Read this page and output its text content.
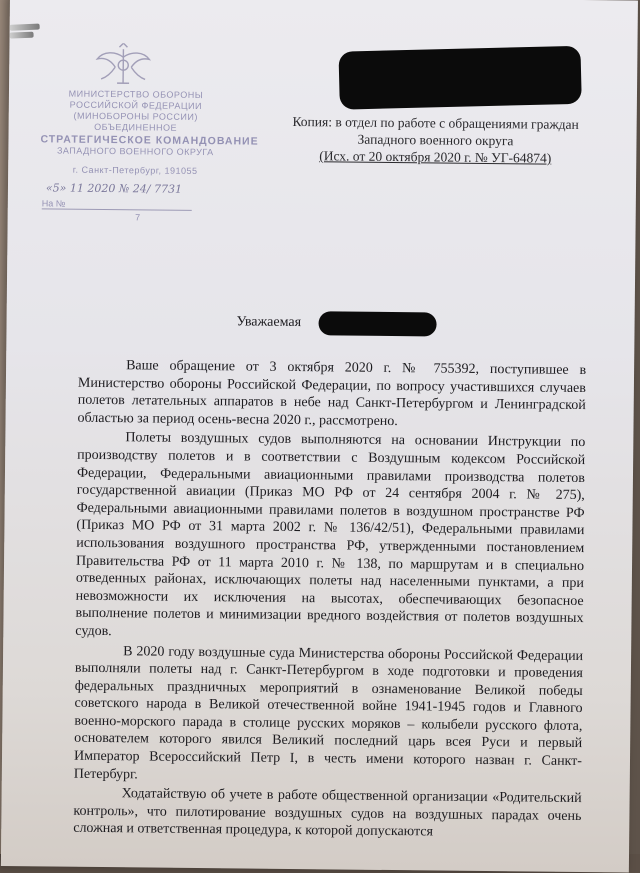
МИНИСТЕРСТВО ОБОРОНЫ
РОССИЙСКОЙ ФЕДЕРАЦИИ
(МИНОБОРОНЫ РОССИИ)
ОБЪЕДИНЕННОЕ
СТРАТЕГИЧЕСКОЕ КОМАНДОВАНИЕ
ЗАПАДНОГО ВОЕННОГО ОКРУГА
г. Санкт-Петербург, 191055
«5» 11 2020 № 24/ 7731
На №
7
Копия: в отдел по работе с обращениями граждан
Западного военного округа
(Исх. от 20 октября 2020 г. № УГ-64874)
Уважаемая

Ваше обращение от 3 октября 2020 г. № 755392, поступившее в Министерство обороны Российской Федерации, по вопросу участившихся случаев полетов летательных аппаратов в небе над Санкт-Петербургом и Ленинградской областью за период осень-весна 2020 г., рассмотрено.

Полеты воздушных судов выполняются на основании Инструкции по производству полетов и в соответствии с Воздушным кодексом Российской Федерации, Федеральными авиационными правилами производства полетов государственной авиации (Приказ МО РФ от 24 сентября 2004 г. № 275), Федеральными авиационными правилами полетов в воздушном пространстве РФ (Приказ МО РФ от 31 марта 2002 г. № 136/42/51), Федеральными правилами использования воздушного пространства РФ, утвержденными постановлением Правительства РФ от 11 марта 2010 г. № 138, по маршрутам и в специально отведенных районах, исключающих полеты над населенными пунктами, а при невозможности их исключения на высотах, обеспечивающих безопасное выполнение полетов и минимизации вредного воздействия от полетов воздушных судов.

В 2020 году воздушные суда Министерства обороны Российской Федерации выполняли полеты над г. Санкт-Петербургом в ходе подготовки и проведения федеральных праздничных мероприятий в ознаменование Великой победы советского народа в Великой отечественной войне 1941-1945 годов и Главного военно-морского парада в столице русских моряков – колыбели русского флота, основателем которого явился Великий последний царь всея Руси и первый Император Всероссийский Петр I, в честь имени которого назван г. Санкт-Петербург.

Ходатайствую об учете в работе общественной организации «Родительский контроль», что пилотирование воздушных судов на воздушных парадах очень сложная и ответственная процедура, к которой допускаются
